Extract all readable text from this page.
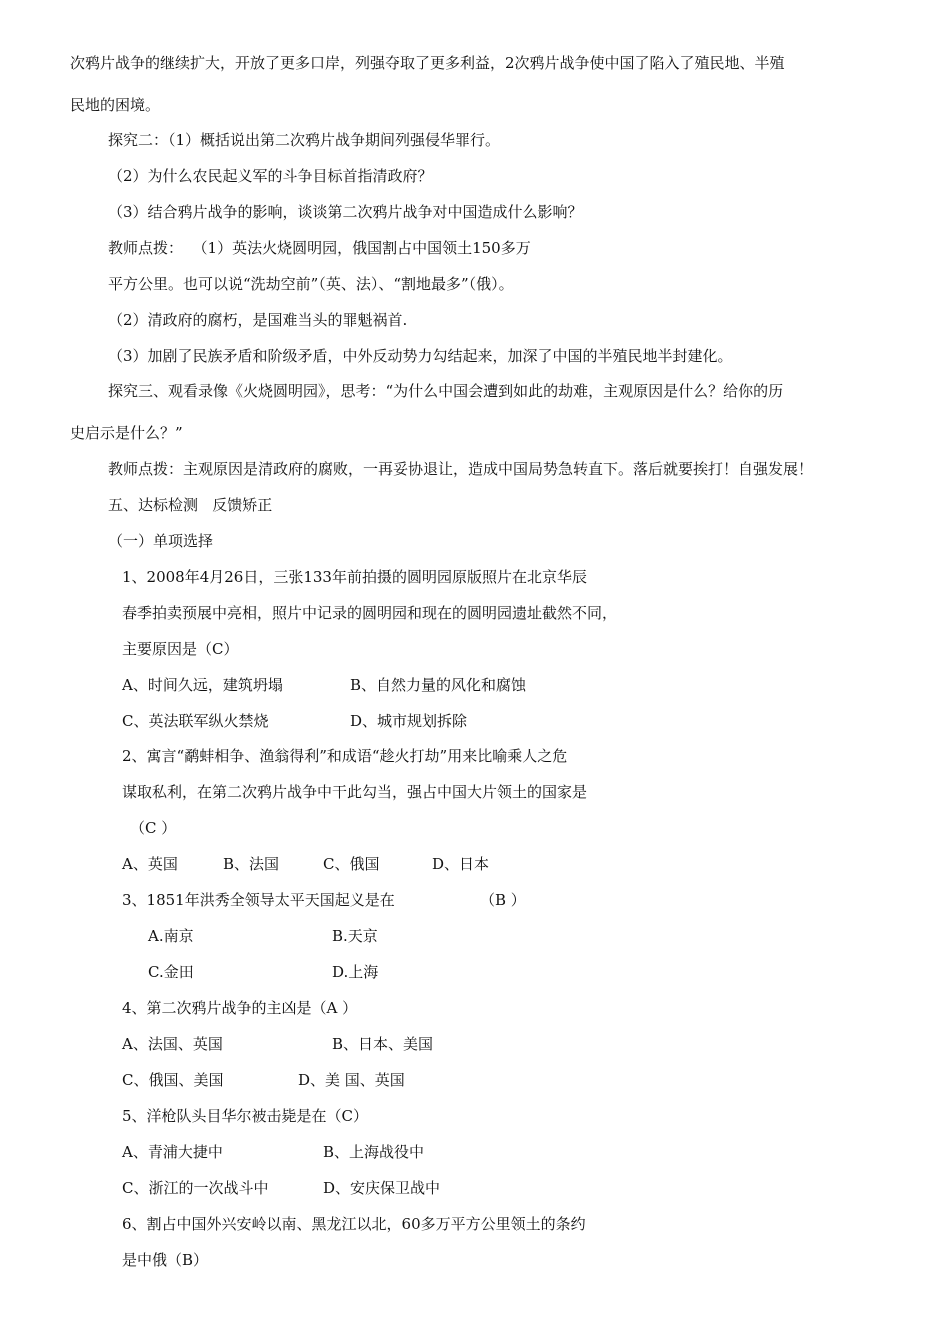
次鸦片战争的继续扩大，开放了更多口岸，列强夺取了更多利益，2次鸦片战争使中国了陷入了殖民地、半殖

民地的困境。

探究二：（1）概括说出第二次鸦片战争期间列强侵华罪行。

（2）为什么农民起义军的斗争目标首指清政府？

（3）结合鸦片战争的影响，谈谈第二次鸦片战争对中国造成什么影响？

教师点拨：  （1）英法火烧圆明园，俄国割占中国领土150多万

平方公里。也可以说“洗劫空前”（英、法）、“割地最多”（俄）。

（2）清政府的腐朽，是国难当头的罪魁祸首.

（3）加剧了民族矛盾和阶级矛盾，中外反动势力勾结起来，加深了中国的半殖民地半封建化。

探究三、观看录像《火烧圆明园》，思考：“为什么中国会遭到如此的劫难，主观原因是什么？给你的历

史启示是什么？”

教师点拨：主观原因是清政府的腐败，一再妥协退让，造成中国局势急转直下。落后就要挨打！自强发展！

五、达标检测   反馈矫正

（一）单项选择

1、2008年4月26日，三张133年前拍摄的圆明园原版照片在北京华辰

春季拍卖预展中亮相，照片中记录的圆明园和现在的圆明园遗址截然不同，

主要原因是（C）

A、时间久远，建筑坍塌	B、自然力量的风化和腐蚀

C、英法联军纵火禁烧	D、城市规划拆除

2、寓言“鹬蚌相争、渔翁得利”和成语“趁火打劫”用来比喻乘人之危

谋取私利，在第二次鸦片战争中干此勾当，强占中国大片领土的国家是

（C ）

A、英国	B、法国	C、俄国	D、日本

3、1851年洪秀全领导太平天国起义是在	（B ）

A.南京	B.天京

C.金田	D.上海

4、第二次鸦片战争的主凶是（A ）

A、法国、英国	B、日本、美国

C、俄国、美国	D、美 国、英国

5、洋枪队头目华尔被击毙是在（C）

A、青浦大捷中	B、上海战役中

C、浙江的一次战斗中	D、安庆保卫战中

6、割占中国外兴安岭以南、黑龙江以北，60多万平方公里领土的条约

是中俄（B）
